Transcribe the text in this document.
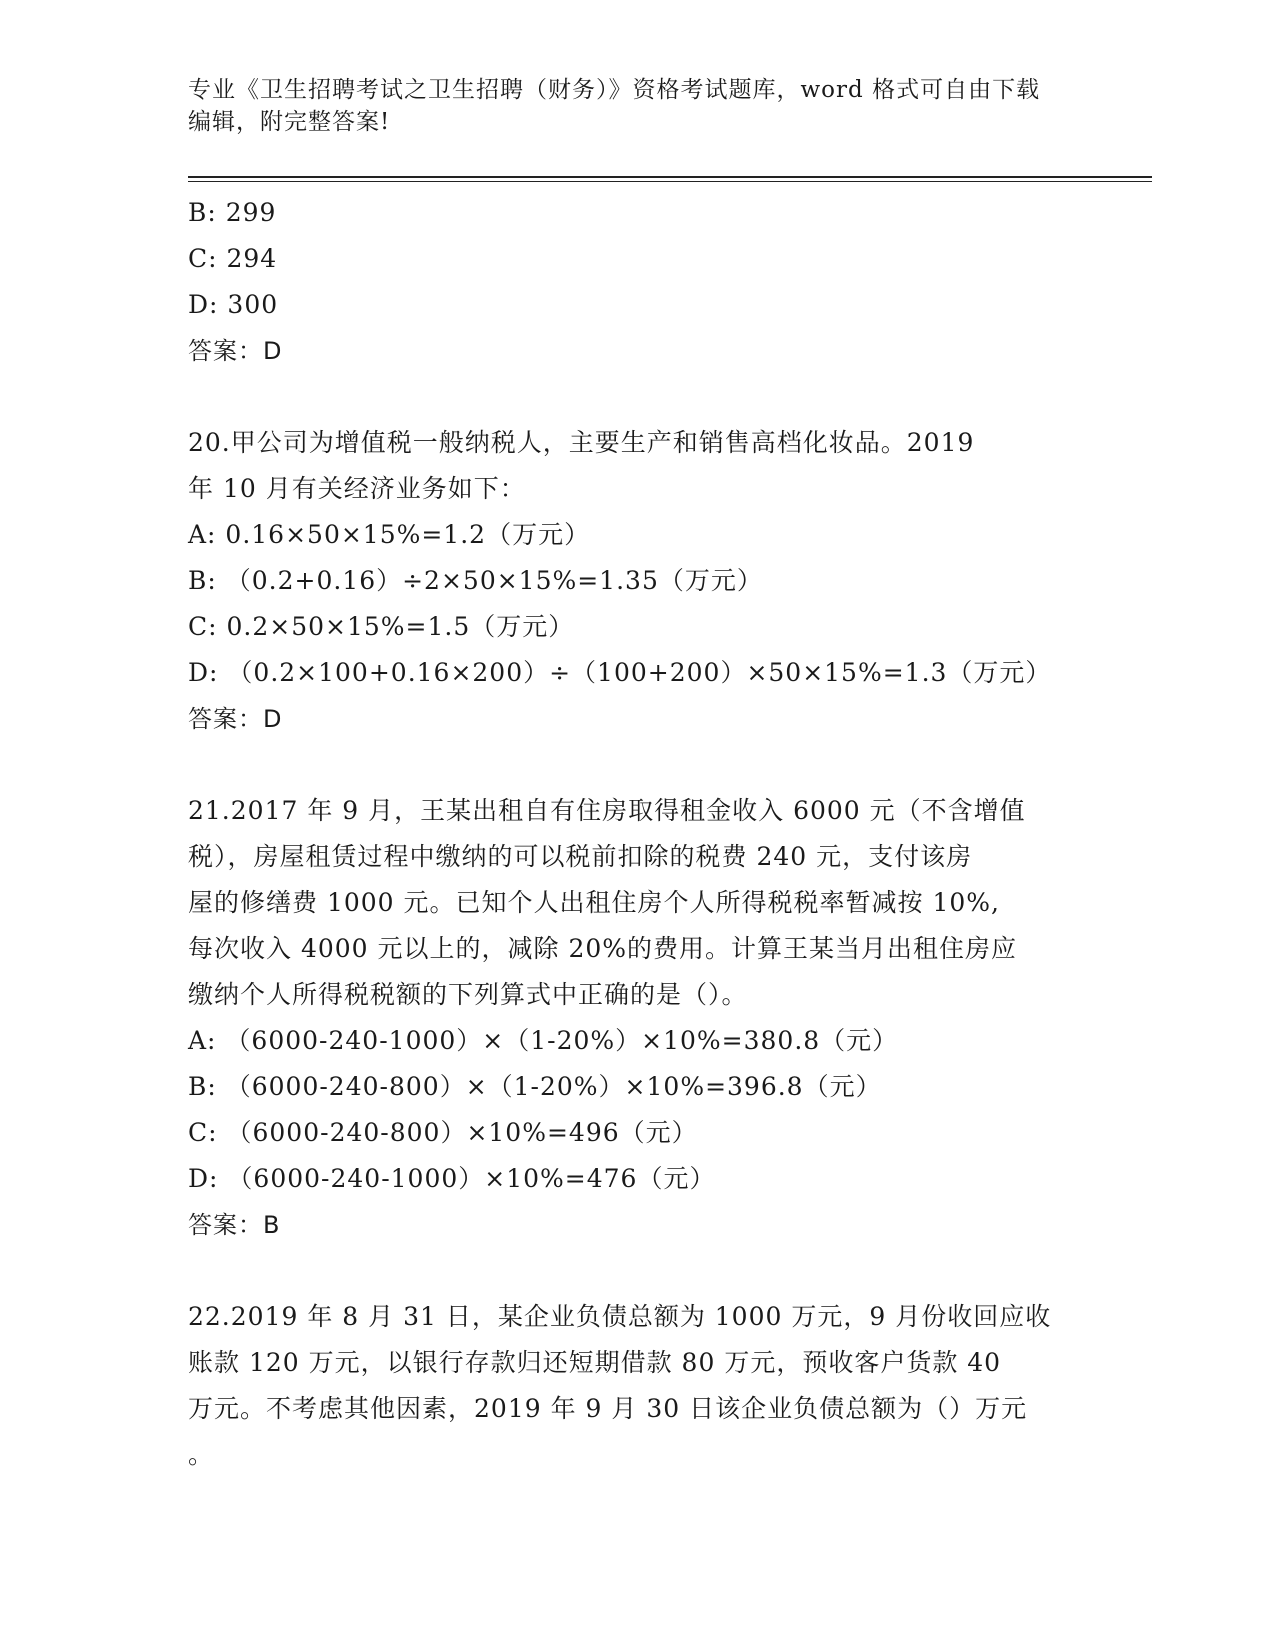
专业《卫生招聘考试之卫生招聘（财务）》资格考试题库，word 格式可自由下载
编辑，附完整答案!
B: 299
C: 294
D: 300
答案：D
20.甲公司为增值税一般纳税人，主要生产和销售高档化妆品。2019
年 10 月有关经济业务如下：
A: 0.16×50×15%=1.2（万元）
B: （0.2+0.16）÷2×50×15%=1.35（万元）
C: 0.2×50×15%=1.5（万元）
D: （0.2×100+0.16×200）÷（100+200）×50×15%=1.3（万元）
答案：D
21.2017 年 9 月，王某出租自有住房取得租金收入 6000 元（不含增值
税），房屋租赁过程中缴纳的可以税前扣除的税费 240 元，支付该房
屋的修缮费 1000 元。已知个人出租住房个人所得税税率暂减按 10%,
每次收入 4000 元以上的，减除 20%的费用。计算王某当月出租住房应
缴纳个人所得税税额的下列算式中正确的是（）。
A: （6000-240-1000）×（1-20%）×10%=380.8（元）
B: （6000-240-800）×（1-20%）×10%=396.8（元）
C: （6000-240-800）×10%=496（元）
D: （6000-240-1000）×10%=476（元）
答案：B
22.2019 年 8 月 31 日，某企业负债总额为 1000 万元，9 月份收回应收
账款 120 万元，以银行存款归还短期借款 80 万元，预收客户货款 40
万元。不考虑其他因素，2019 年 9 月 30 日该企业负债总额为（）万元
。
